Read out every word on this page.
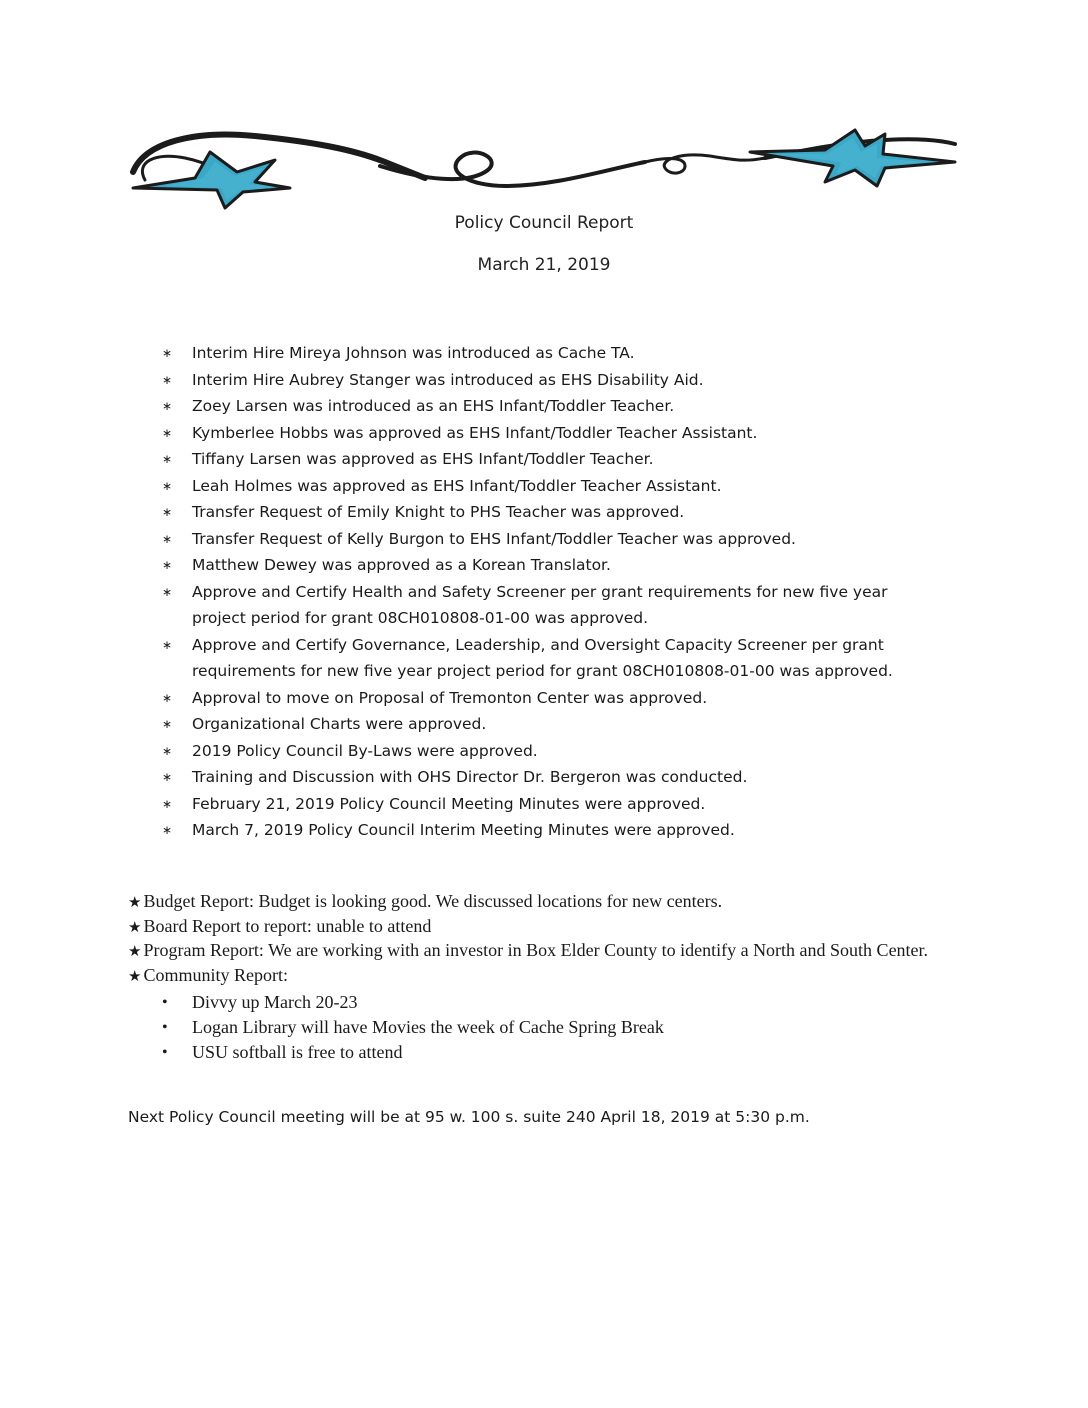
Policy Council Report
March 21, 2019
∗ Interim Hire Mireya Johnson was introduced as Cache TA.
∗ Interim Hire Aubrey Stanger was introduced as EHS Disability Aid.
∗ Zoey Larsen was introduced as an EHS Infant/Toddler Teacher.
∗ Kymberlee Hobbs was approved as EHS Infant/Toddler Teacher Assistant.
∗ Tiffany Larsen was approved as EHS Infant/Toddler Teacher.
∗ Leah Holmes was approved as EHS Infant/Toddler Teacher Assistant.
∗ Transfer Request of Emily Knight to PHS Teacher was approved.
∗ Transfer Request of Kelly Burgon to EHS Infant/Toddler Teacher was approved.
∗ Matthew Dewey was approved as a Korean Translator.
∗ Approve and Certify Health and Safety Screener per grant requirements for new five year
project period for grant 08CH010808-01-00 was approved.
∗ Approve and Certify Governance, Leadership, and Oversight Capacity Screener per grant
requirements for new five year project period for grant 08CH010808-01-00 was approved.
∗ Approval to move on Proposal of Tremonton Center was approved.
∗ Organizational Charts were approved.
∗ 2019 Policy Council By-Laws were approved.
∗ Training and Discussion with OHS Director Dr. Bergeron was conducted.
∗ February 21, 2019 Policy Council Meeting Minutes were approved.
∗ March 7, 2019 Policy Council Interim Meeting Minutes were approved.
★ Budget Report: Budget is looking good. We discussed locations for new centers.
★ Board Report to report: unable to attend
★ Program Report: We are working with an investor in Box Elder County to identify a North and South Center.
★ Community Report:
• Divvy up March 20-23
• Logan Library will have Movies the week of Cache Spring Break
• USU softball is free to attend
Next Policy Council meeting will be at 95 w. 100 s. suite 240 April 18, 2019 at 5:30 p.m.
